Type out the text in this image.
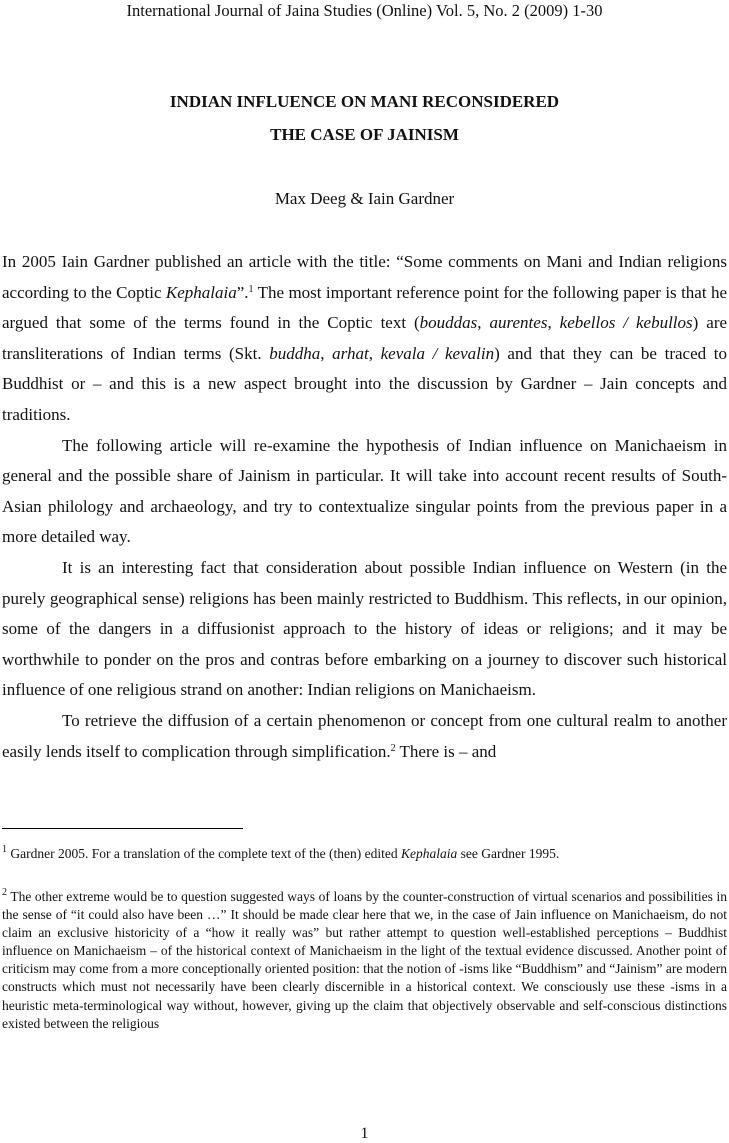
International Journal of Jaina Studies (Online) Vol. 5, No. 2 (2009) 1-30
INDIAN INFLUENCE ON MANI RECONSIDERED
THE CASE OF JAINISM
Max Deeg & Iain Gardner

In 2005 Iain Gardner published an article with the title: “Some comments on Mani and Indian religions according to the Coptic Kephalaia”.$^1$ The most important reference point for the following paper is that he argued that some of the terms found in the Coptic text (bouddas, aurentes, kebellos / kebullos) are transliterations of Indian terms (Skt. buddha, arhat, kevala / kevalin) and that they can be traced to Buddhist or – and this is a new aspect brought into the discussion by Gardner – Jain concepts and traditions.

The following article will re-examine the hypothesis of Indian influence on Manichaeism in general and the possible share of Jainism in particular. It will take into account recent results of South-Asian philology and archaeology, and try to contextualize singular points from the previous paper in a more detailed way.

It is an interesting fact that consideration about possible Indian influence on Western (in the purely geographical sense) religions has been mainly restricted to Buddhism. This reflects, in our opinion, some of the dangers in a diffusionist approach to the history of ideas or religions; and it may be worthwhile to ponder on the pros and contras before embarking on a journey to discover such historical influence of one religious strand on another: Indian religions on Manichaeism.

To retrieve the diffusion of a certain phenomenon or concept from one cultural realm to another easily lends itself to complication through simplification.$^2$ There is – and

$^1$ Gardner 2005. For a translation of the complete text of the (then) edited Kephalaia see Gardner 1995.

$^2$ The other extreme would be to question suggested ways of loans by the counter-construction of virtual scenarios and possibilities in the sense of “it could also have been …” It should be made clear here that we, in the case of Jain influence on Manichaeism, do not claim an exclusive historicity of a “how it really was” but rather attempt to question well-established perceptions – Buddhist influence on Manichaeism – of the historical context of Manichaeism in the light of the textual evidence discussed. Another point of criticism may come from a more conceptionally oriented position: that the notion of -isms like “Buddhism” and “Jainism” are modern constructs which must not necessarily have been clearly discernible in a historical context. We consciously use these -isms in a heuristic meta-terminological way without, however, giving up the claim that objectively observable and self-conscious distinctions existed between the religious

1
